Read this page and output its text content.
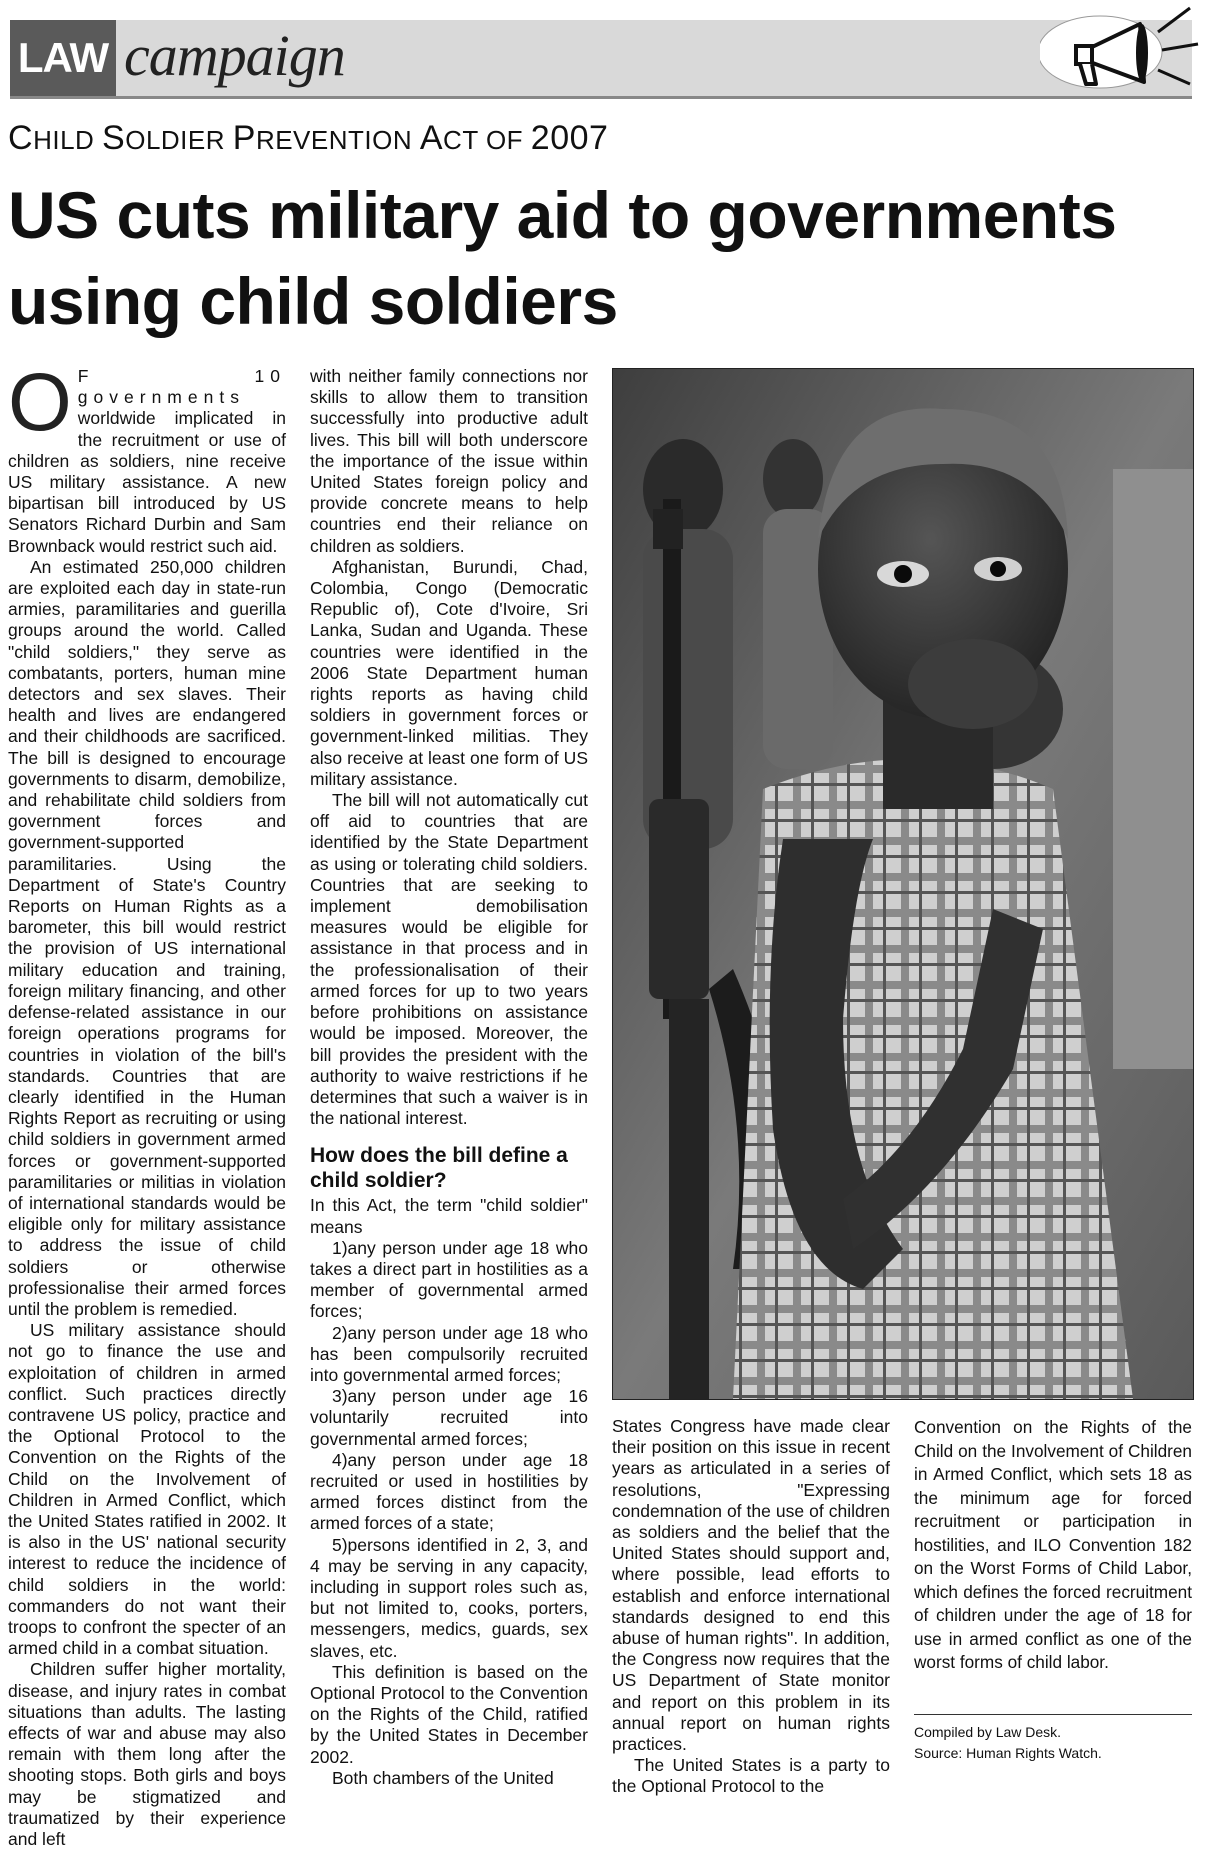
LAW campaign
CHILD SOLDIER PREVENTION ACT OF 2007
US cuts military aid to governments
using child soldiers

O F 10 governments worldwide implicated in the recruitment or use of children as soldiers, nine receive US military assistance. A new bipartisan bill introduced by US Senators Richard Durbin and Sam Brownback would restrict such aid.

An estimated 250,000 children are exploited each day in state-run armies, paramilitaries and guerilla groups around the world. Called "child soldiers," they serve as combatants, porters, human mine detectors and sex slaves. Their health and lives are endangered and their childhoods are sacrificed. The bill is designed to encourage governments to disarm, demobilize, and rehabilitate child soldiers from government forces and government-supported paramilitaries. Using the Department of State's Country Reports on Human Rights as a barometer, this bill would restrict the provision of US international military education and training, foreign military financing, and other defense-related assistance in our foreign operations programs for countries in violation of the bill's standards. Countries that are clearly identified in the Human Rights Report as recruiting or using child soldiers in government armed forces or government-supported paramilitaries or militias in violation of international standards would be eligible only for military assistance to address the issue of child soldiers or otherwise professionalise their armed forces until the problem is remedied.

US military assistance should not go to finance the use and exploitation of children in armed conflict. Such practices directly contravene US policy, practice and the Optional Protocol to the Convention on the Rights of the Child on the Involvement of Children in Armed Conflict, which the United States ratified in 2002. It is also in the US' national security interest to reduce the incidence of child soldiers in the world: commanders do not want their troops to confront the specter of an armed child in a combat situation.

Children suffer higher mortality, disease, and injury rates in combat situations than adults. The lasting effects of war and abuse may also remain with them long after the shooting stops. Both girls and boys may be stigmatized and traumatized by their experience and left

with neither family connections nor skills to allow them to transition successfully into productive adult lives. This bill will both underscore the importance of the issue within United States foreign policy and provide concrete means to help countries end their reliance on children as soldiers.

Afghanistan, Burundi, Chad, Colombia, Congo (Democratic Republic of), Cote d'Ivoire, Sri Lanka, Sudan and Uganda. These countries were identified in the 2006 State Department human rights reports as having child soldiers in government forces or government-linked militias. They also receive at least one form of US military assistance.

The bill will not automatically cut off aid to countries that are identified by the State Department as using or tolerating child soldiers. Countries that are seeking to implement demobilisation measures would be eligible for assistance in that process and in the professionalisation of their armed forces for up to two years before prohibitions on assistance would be imposed. Moreover, the bill provides the president with the authority to waive restrictions if he determines that such a waiver is in the national interest.

How does the bill define a child soldier?

In this Act, the term "child soldier" means

1)any person under age 18 who takes a direct part in hostilities as a member of governmental armed forces;

2)any person under age 18 who has been compulsorily recruited into governmental armed forces;

3)any person under age 16 voluntarily recruited into governmental armed forces;

4)any person under age 18 recruited or used in hostilities by armed forces distinct from the armed forces of a state;

5)persons identified in 2, 3, and 4 may be serving in any capacity, including in support roles such as, but not limited to, cooks, porters, messengers, medics, guards, sex slaves, etc.

This definition is based on the Optional Protocol to the Convention on the Rights of the Child, ratified by the United States in December 2002.

Both chambers of the United

States Congress have made clear their position on this issue in recent years as articulated in a series of resolutions, "Expressing condemnation of the use of children as soldiers and the belief that the United States should support and, where possible, lead efforts to establish and enforce international standards designed to end this abuse of human rights". In addition, the Congress now requires that the US Department of State monitor and report on this problem in its annual report on human rights practices.

The United States is a party to the Optional Protocol to the

Convention on the Rights of the Child on the Involvement of Children in Armed Conflict, which sets 18 as the minimum age for forced recruitment or participation in hostilities, and ILO Convention 182 on the Worst Forms of Child Labor, which defines the forced recruitment of children under the age of 18 for use in armed conflict as one of the worst forms of child labor.

Compiled by Law Desk.
Source: Human Rights Watch.
